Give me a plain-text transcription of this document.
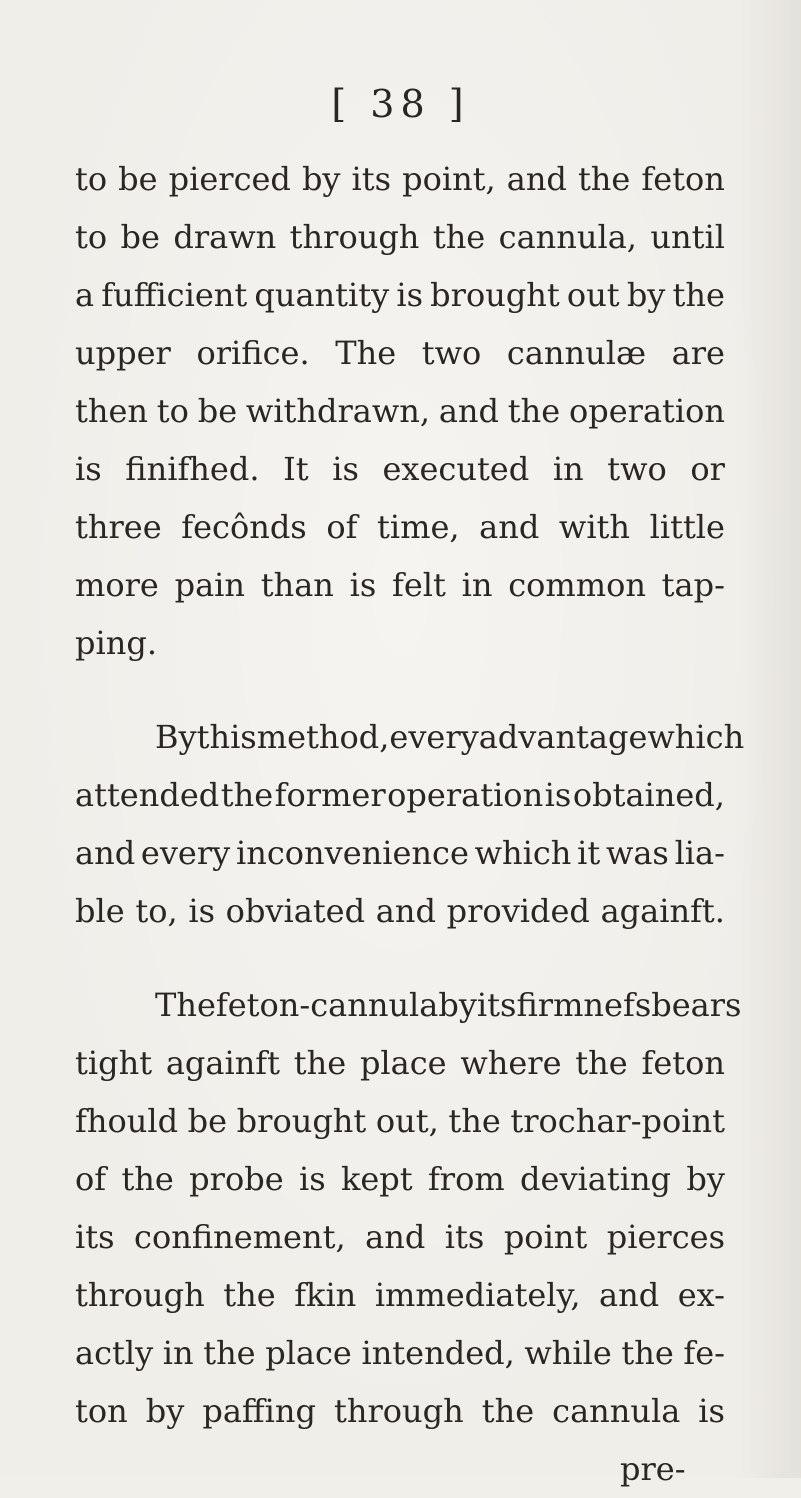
[ 38 ]
to be pierced by its point, and the feton
to be drawn through the cannula, until
a fufficient quantity is brought out by the
upper orifice. The two cannulæ are
then to be withdrawn, and the operation
is finifhed. It is executed in two or
three fecônds of time, and with little
more pain than is felt in common tap-
ping.
By this method, every advantage which
attended the former operation is obtained,
and every inconvenience which it was lia-
ble to, is obviated and provided againft.
The feton-cannula by its firmnefs bears
tight againft the place where the feton
fhould be brought out, the trochar-point
of the probe is kept from deviating by
its confinement, and its point pierces
through the fkin immediately, and ex-
actly in the place intended, while the fe-
ton by paffing through the cannula is
pre-
